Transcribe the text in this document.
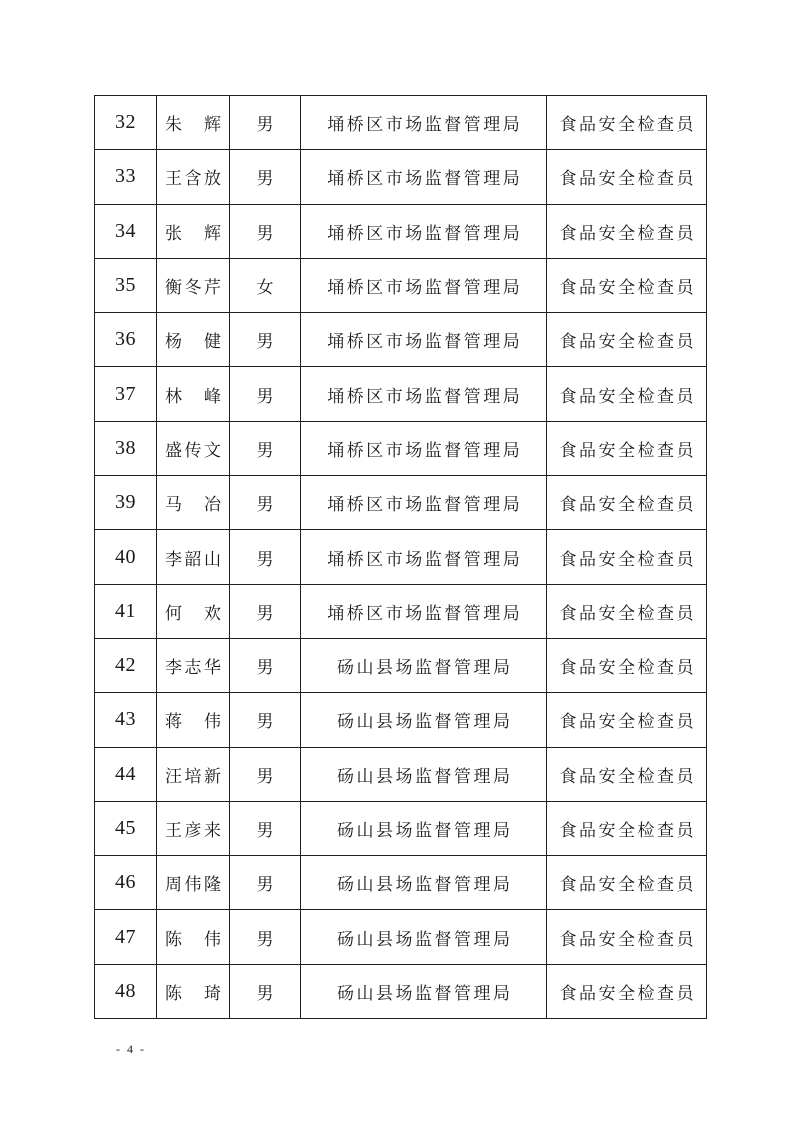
32	朱　辉	男	埇桥区市场监督管理局	食品安全检查员
33	王含放	男	埇桥区市场监督管理局	食品安全检查员
34	张　辉	男	埇桥区市场监督管理局	食品安全检查员
35	衡冬芹	女	埇桥区市场监督管理局	食品安全检查员
36	杨　健	男	埇桥区市场监督管理局	食品安全检查员
37	林　峰	男	埇桥区市场监督管理局	食品安全检查员
38	盛传文	男	埇桥区市场监督管理局	食品安全检查员
39	马　冶	男	埇桥区市场监督管理局	食品安全检查员
40	李韶山	男	埇桥区市场监督管理局	食品安全检查员
41	何　欢	男	埇桥区市场监督管理局	食品安全检查员
42	李志华	男	砀山县场监督管理局	食品安全检查员
43	蒋　伟	男	砀山县场监督管理局	食品安全检查员
44	汪培新	男	砀山县场监督管理局	食品安全检查员
45	王彦来	男	砀山县场监督管理局	食品安全检查员
46	周伟隆	男	砀山县场监督管理局	食品安全检查员
47	陈　伟	男	砀山县场监督管理局	食品安全检查员
48	陈　琦	男	砀山县场监督管理局	食品安全检查员
- 4 -
